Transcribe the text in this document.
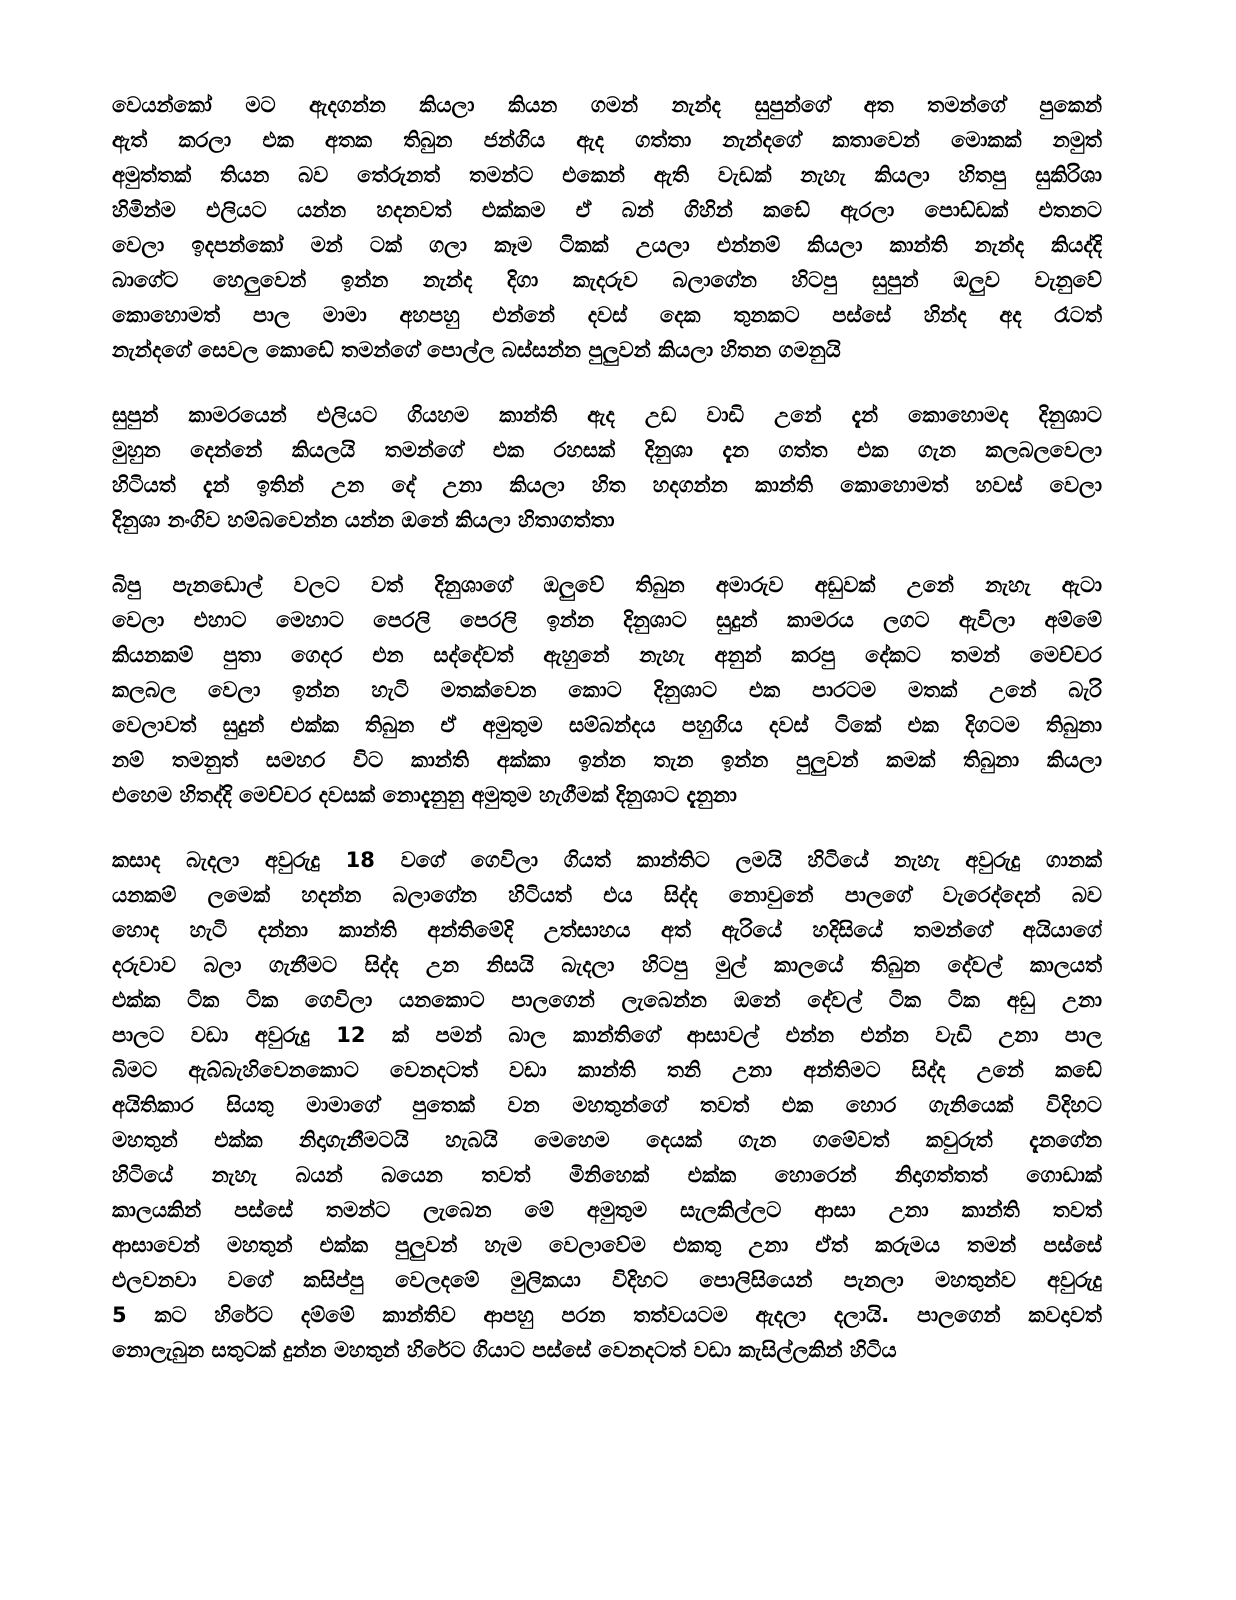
වෙයන්කෝ මට ඇදගන්න කියලා කියන ගමන් නැන්ද සුපුන්ගේ අත තමන්ගේ පුකෙන්
ඇත් කරලා එක අතක තිබුන ජන්ගිය ඇද ගත්තා නැන්දගේ කතාවෙන් මොකක් නමුත්
අමුත්තක් තියන බව තේරුනත් තමන්ට එකෙන් ඇති වැඩක් නැහැ කියලා හිතපු සුකිරිශා
හිමින්ම එලියට යන්න හදනවත් එක්කම ඒ බන් ගිහින් කඩේ ඇරලා පොඩ්ඩක් එතනට
වෙලා ඉදපන්කෝ මන් ටක් ගලා කෑම ටිකක් උයලා එන්නම් කියලා කාන්ති නැන්ද කියද්දි
බාගේට හෙලුවෙන් ඉන්න නැන්ද දිගා කැදරුව බලාගේන හිටපු සුපුන් ඔලුව වැනුවේ
කොහොමත් පාල මාමා අහපහු එන්නේ දවස් දෙක තුනකට පස්සේ හින්ද අද රෑටත්
නැන්දගේ සෙවල කොඩේ තමන්ගේ පොල්ල බස්සන්න පුලුවන් කියලා හිතන ගමනුයි
සුපුන් කාමරයෙන් එලියට ගියහම කාන්ති ඇද උඩ වාඩි උනේ දැන් කොහොමද දිනුශාට
මුහුන දෙන්නේ කියලයි තමන්ගේ එක රහසක් දිනුශා දැන ගත්ත එක ගැන කලබලවෙලා
හිටියත් දැන් ඉතින් උන දේ උනා කියලා හිත හදගන්න කාන්ති කොහොමත් හවස් වෙලා
දිනුශා නංගිව හම්බවෙන්න යන්න ඔනේ කියලා හිතාගත්තා
බිපු පැනඩොල් වලට වත් දිනුශාගේ ඔලුවේ තිබුන අමාරුව අඩුවක් උනේ නැහැ ඇටා
වෙලා එහාට මෙහාට පෙරලි පෙරලි ඉන්න දිනුශාට සුදුන් කාමරය ලගට ඇවිලා අම්මේ
කියනකම් පුතා ගෙදර එන සද්දේවත් ඇහුනේ නැහැ අනුන් කරපු දේකට තමන් මෙච්චර
කලබල වෙලා ඉන්න හැටි මතක්වෙන කොට දිනුශාට එක පාරටම මතක් උනේ බැරි
වෙලාවත් සුදුන් එක්ක තිබුන ඒ අමුතුම සම්බන්දය පහුගිය දවස් ටිකේ එක දිගටම තිබුනා
නම් තමනුත් සමහර විට කාන්ති අක්කා ඉන්න තැන ඉන්න පුලුවන් කමක් තිබුනා කියලා
එහෙම හිතද්දි මෙච්චර දවසක් නොදැනුනු අමුතුම හැගීමක් දිනුශාට දැනුනා
කසාද බැදලා අවුරුදු 18 වගේ ගෙවිලා ගියත් කාන්තිට ලමයි හිටියේ නැහැ අවුරුදු ගානක්
යනකම් ලමෙක් හදන්න බලාගේන හිටියත් එය සිද්ද නොවුනේ පාලගේ වැරෙද්දෙන් බව
හොද හැටි දන්නා කාන්ති අන්තිමේදි උත්සාහය අත් ඇරියේ හදිසියේ තමන්ගේ අයියාගේ
දරුවාව බලා ගැනීමට සිද්ද උන නිසයි බැදලා හිටපු මුල් කාලයේ තිබුන දේවල් කාලයත්
එක්ක ටික ටික ගෙවිලා යනකොට පාලගෙන් ලැබෙන්න ඔනේ දේවල් ටික ටික අඩු උනා
පාලට වඩා අවුරුදු 12 ක් පමන් බාල කාන්තිගේ ආසාවල් එන්න එන්න වැඩි උනා පාල
බිමට ඇබ්බැහිවෙනකොට වෙනදටත් වඩා කාන්ති තනි උනා අන්තිමට සිද්ද උනේ කඩේ
අයිතිකාර සියතු මාමාගේ පුතෙක් වන මහතුන්ගේ තවත් එක හොර ගැනියෙක් විදිහට
මහතුන් එක්ක නිදාගැනීමටයි හැබයි මෙහෙම දෙයක් ගැන ගමේවත් කවුරුත් දැනගේන
හිටියේ නැහැ බයන් බයෙන තවත් මිනිහෙක් එක්ක හොරෙන් නිදාගත්තත් ගොඩාක්
කාලයකින් පස්සේ තමන්ට ලැබෙන මේ අමුතුම සැලකිල්ලට ආසා උනා කාන්ති තවත්
ආසාවෙන් මහතුන් එක්ක පුලුවන් හැම වෙලාවේම එකතු උනා ඒත් කරුමය තමන් පස්සේ
එලවනවා වගේ කසිප්පු වෙලදමේ මුලිකයා විදිහට පොලිසියෙන් පැනලා මහතුන්ව අවුරුදු
5 කට හිරේට දම්මේ කාන්තිව ආපහු පරන තත්වයටම ඇදලා දලායි. පාලගෙන් කවදාවත්
නොලැබුන සතුටක් දුන්න මහතුන් හිරේට ගියාට පස්සේ වෙනදටත් වඩා කැසිල්ලකින් හිටිය
